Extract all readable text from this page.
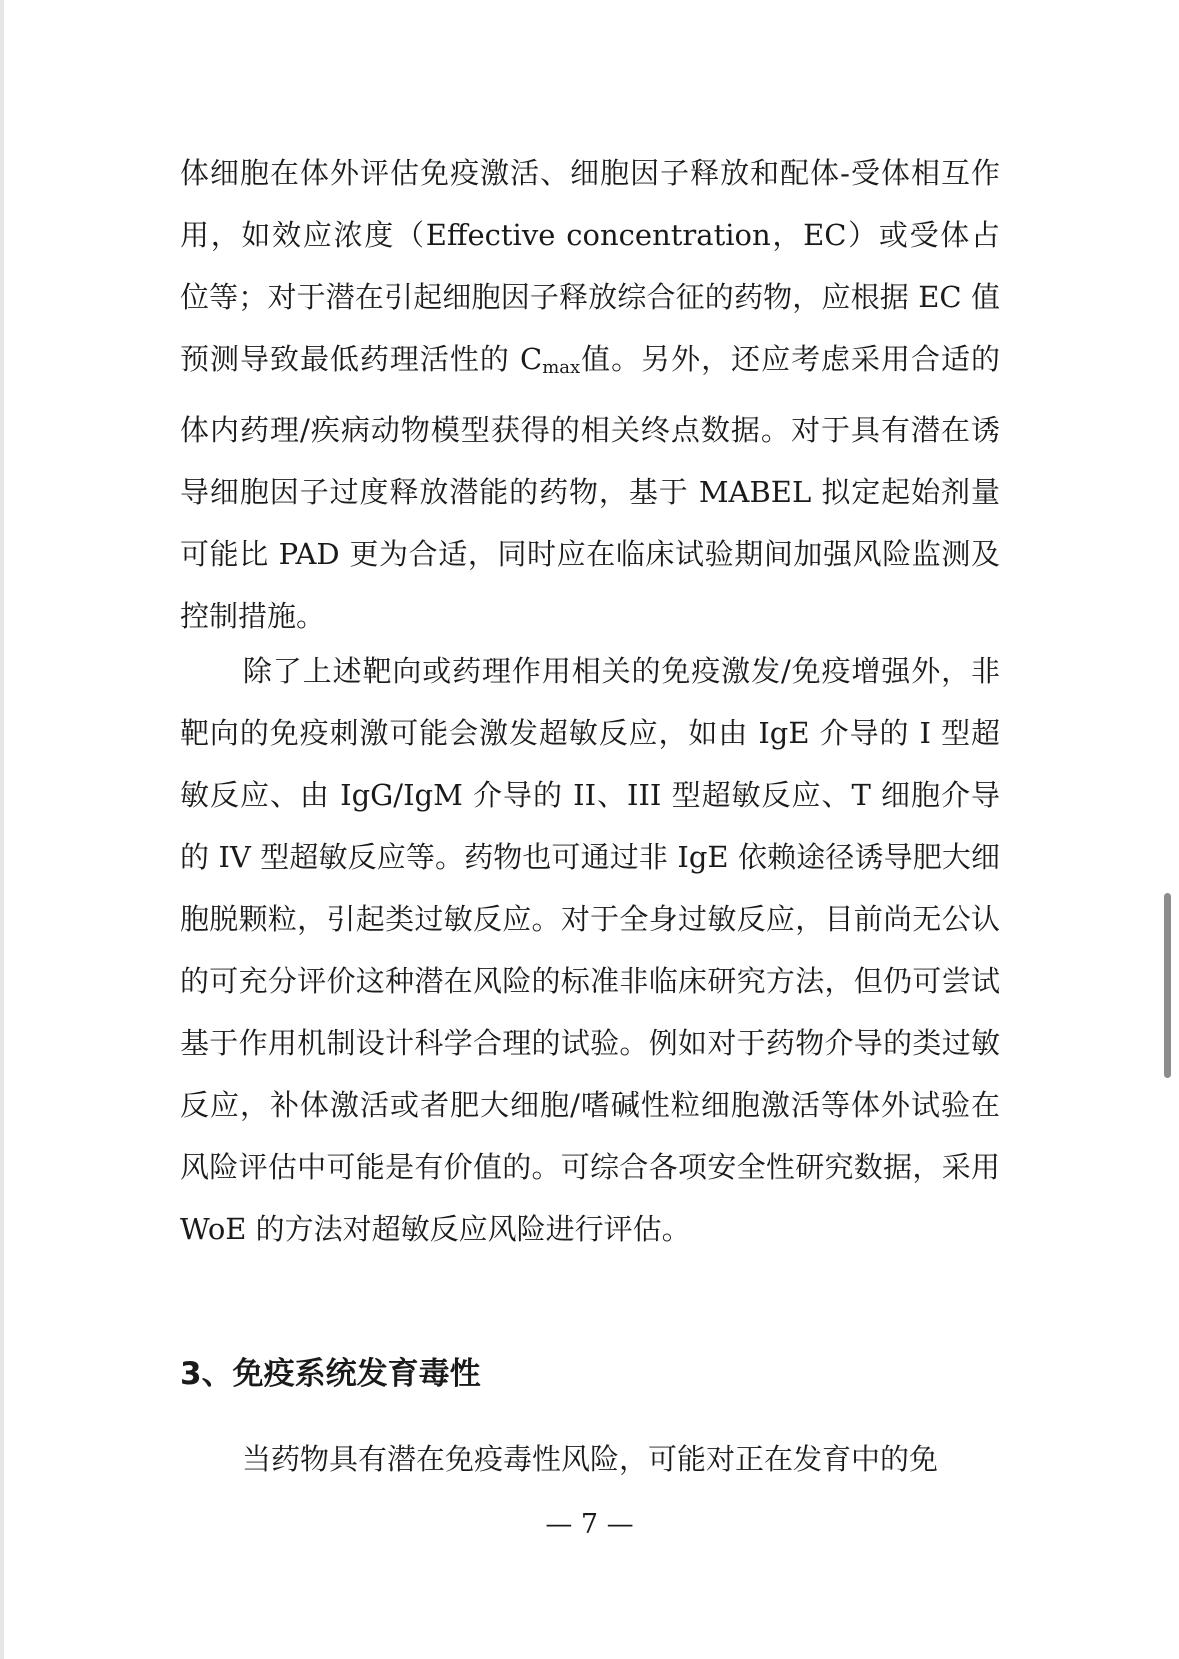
体细胞在体外评估免疫激活、细胞因子释放和配体-受体相互作用，如效应浓度（Effective concentration，EC）或受体占位等；对于潜在引起细胞因子释放综合征的药物，应根据 EC 值预测导致最低药理活性的 $C_{max}$值。另外，还应考虑采用合适的体内药理/疾病动物模型获得的相关终点数据。对于具有潜在诱导细胞因子过度释放潜能的药物，基于 MABEL 拟定起始剂量可能比 PAD 更为合适，同时应在临床试验期间加强风险监测及控制措施。
除了上述靶向或药理作用相关的免疫激发/免疫增强外，非靶向的免疫刺激可能会激发超敏反应，如由 IgE 介导的 I 型超敏反应、由 IgG/IgM 介导的 II、III 型超敏反应、T 细胞介导的 IV 型超敏反应等。药物也可通过非 IgE 依赖途径诱导肥大细胞脱颗粒，引起类过敏反应。对于全身过敏反应，目前尚无公认的可充分评价这种潜在风险的标准非临床研究方法，但仍可尝试基于作用机制设计科学合理的试验。例如对于药物介导的类过敏反应，补体激活或者肥大细胞/嗜碱性粒细胞激活等体外试验在风险评估中可能是有价值的。可综合各项安全性研究数据，采用 WoE 的方法对超敏反应风险进行评估。
3、免疫系统发育毒性
当药物具有潜在免疫毒性风险，可能对正在发育中的免
— 7 —
